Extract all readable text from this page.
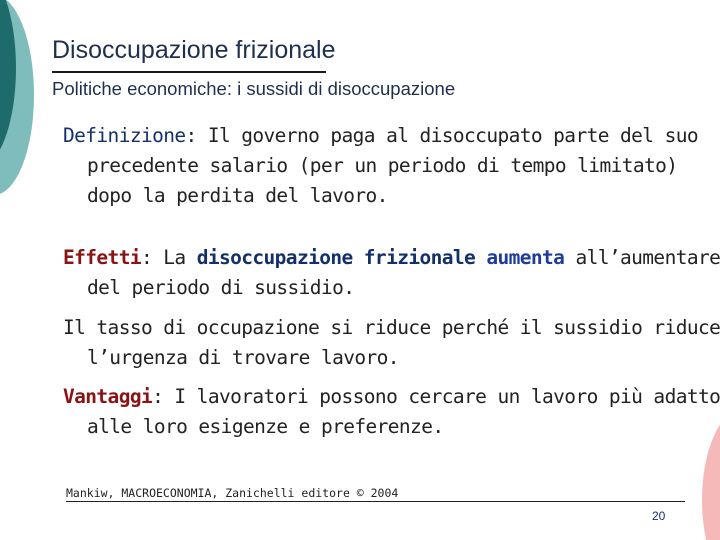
Disoccupazione frizionale
Politiche economiche: i sussidi di disoccupazione
Definizione: Il governo paga al disoccupato parte del suo precedente salario (per un periodo di tempo limitato) dopo la perdita del lavoro.
Effetti: La disoccupazione frizionale aumenta all’aumentare del periodo di sussidio.
Il tasso di occupazione si riduce perché il sussidio riduce l’urgenza di trovare lavoro.
Vantaggi: I lavoratori possono cercare un lavoro più adatto alle loro esigenze e preferenze.
Mankiw, MACROECONOMIA, Zanichelli editore © 2004
20
